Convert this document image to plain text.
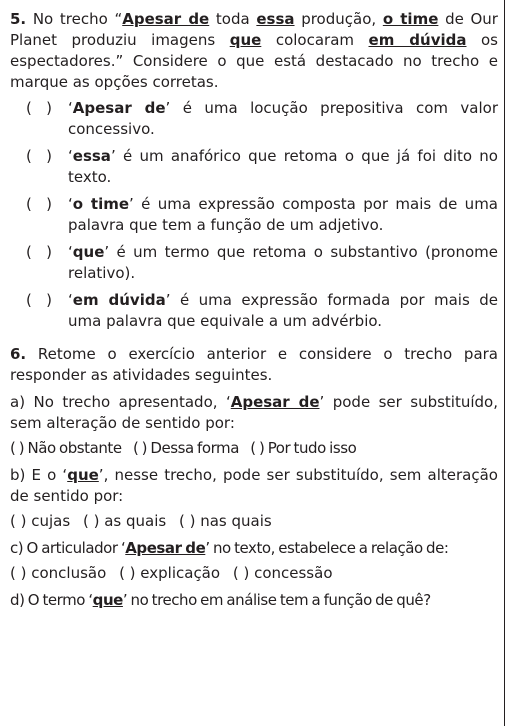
5. No trecho “Apesar de toda essa produção, o time de Our Planet produziu imagens que colocaram em dúvida os espectadores.” Considere o que está destacado no trecho e marque as opções corretas.

(   )	‘Apesar de’ é uma locução prepositiva com valor concessivo.
(   )	‘essa’ é um anafórico que retoma o que já foi dito no texto.
(   )	‘o time’ é uma expressão composta por mais de uma palavra que tem a função de um adjetivo.
(   )	‘que’ é um termo que retoma o substantivo (pronome relativo).
(   )	‘em dúvida’ é uma expressão formada por mais de uma palavra que equivale a um advérbio.

6. Retome o exercício anterior e considere o trecho para responder as atividades seguintes.

a) No trecho apresentado, ‘Apesar de’ pode ser substituído, sem alteração de sentido por:

( ) Não obstante ( ) Dessa forma ( ) Por tudo isso

b) E o ‘que’, nesse trecho, pode ser substituído, sem alteração de sentido por:

( ) cujas ( ) as quais ( ) nas quais

c) O articulador ‘Apesar de’ no texto, estabelece a relação de:

( ) conclusão ( ) explicação ( ) concessão

d) O termo ‘que’ no trecho em análise tem a função de quê?
